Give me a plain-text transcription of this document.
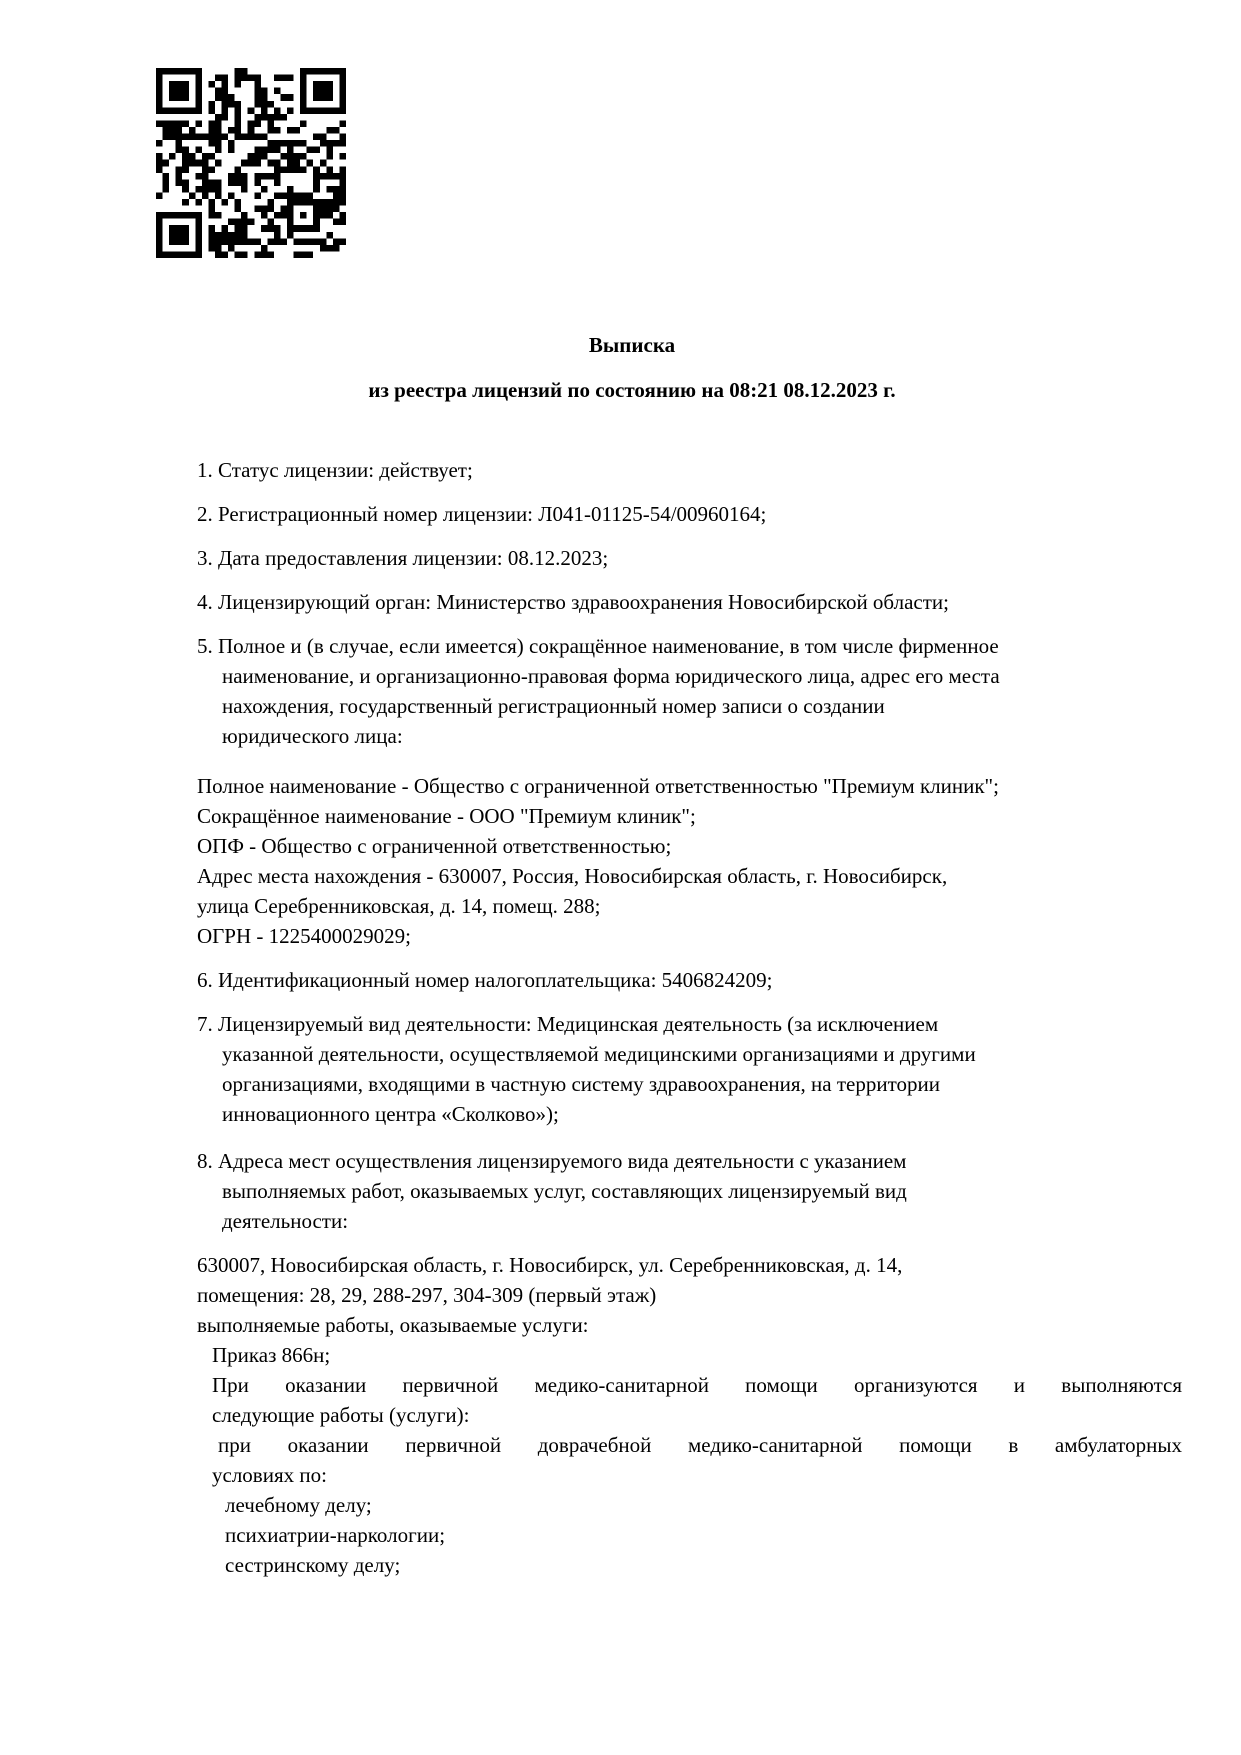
Выписка
из реестра лицензий по состоянию на 08:21 08.12.2023 г.
1. Статус лицензии: действует;
2. Регистрационный номер лицензии: Л041-01125-54/00960164;
3. Дата предоставления лицензии: 08.12.2023;
4. Лицензирующий орган: Министерство здравоохранения Новосибирской области;
5. Полное и (в случае, если имеется) сокращённое наименование, в том числе фирменное
наименование, и организационно-правовая форма юридического лица, адрес его места
нахождения, государственный регистрационный номер записи о создании
юридического лица:
Полное наименование - Общество с ограниченной ответственностью "Премиум клиник";
Сокращённое наименование - ООО "Премиум клиник";
ОПФ - Общество с ограниченной ответственностью;
Адрес места нахождения - 630007, Россия, Новосибирская область, г. Новосибирск,
улица Серебренниковская, д. 14, помещ. 288;
ОГРН - 1225400029029;
6. Идентификационный номер налогоплательщика: 5406824209;
7. Лицензируемый вид деятельности: Медицинская деятельность (за исключением
указанной деятельности, осуществляемой медицинскими организациями и другими
организациями, входящими в частную систему здравоохранения, на территории
инновационного центра «Сколково»);
8. Адреса мест осуществления лицензируемого вида деятельности с указанием
выполняемых работ, оказываемых услуг, составляющих лицензируемый вид
деятельности:
630007, Новосибирская область, г. Новосибирск, ул. Серебренниковская, д. 14,
помещения: 28, 29, 288-297, 304-309 (первый этаж)
выполняемые работы, оказываемые услуги:
Приказ 866н;
При оказании первичной медико-санитарной помощи организуются и выполняются
следующие работы (услуги):
при оказании первичной доврачебной медико-санитарной помощи в амбулаторных
условиях по:
лечебному делу;
психиатрии-наркологии;
сестринскому делу;
